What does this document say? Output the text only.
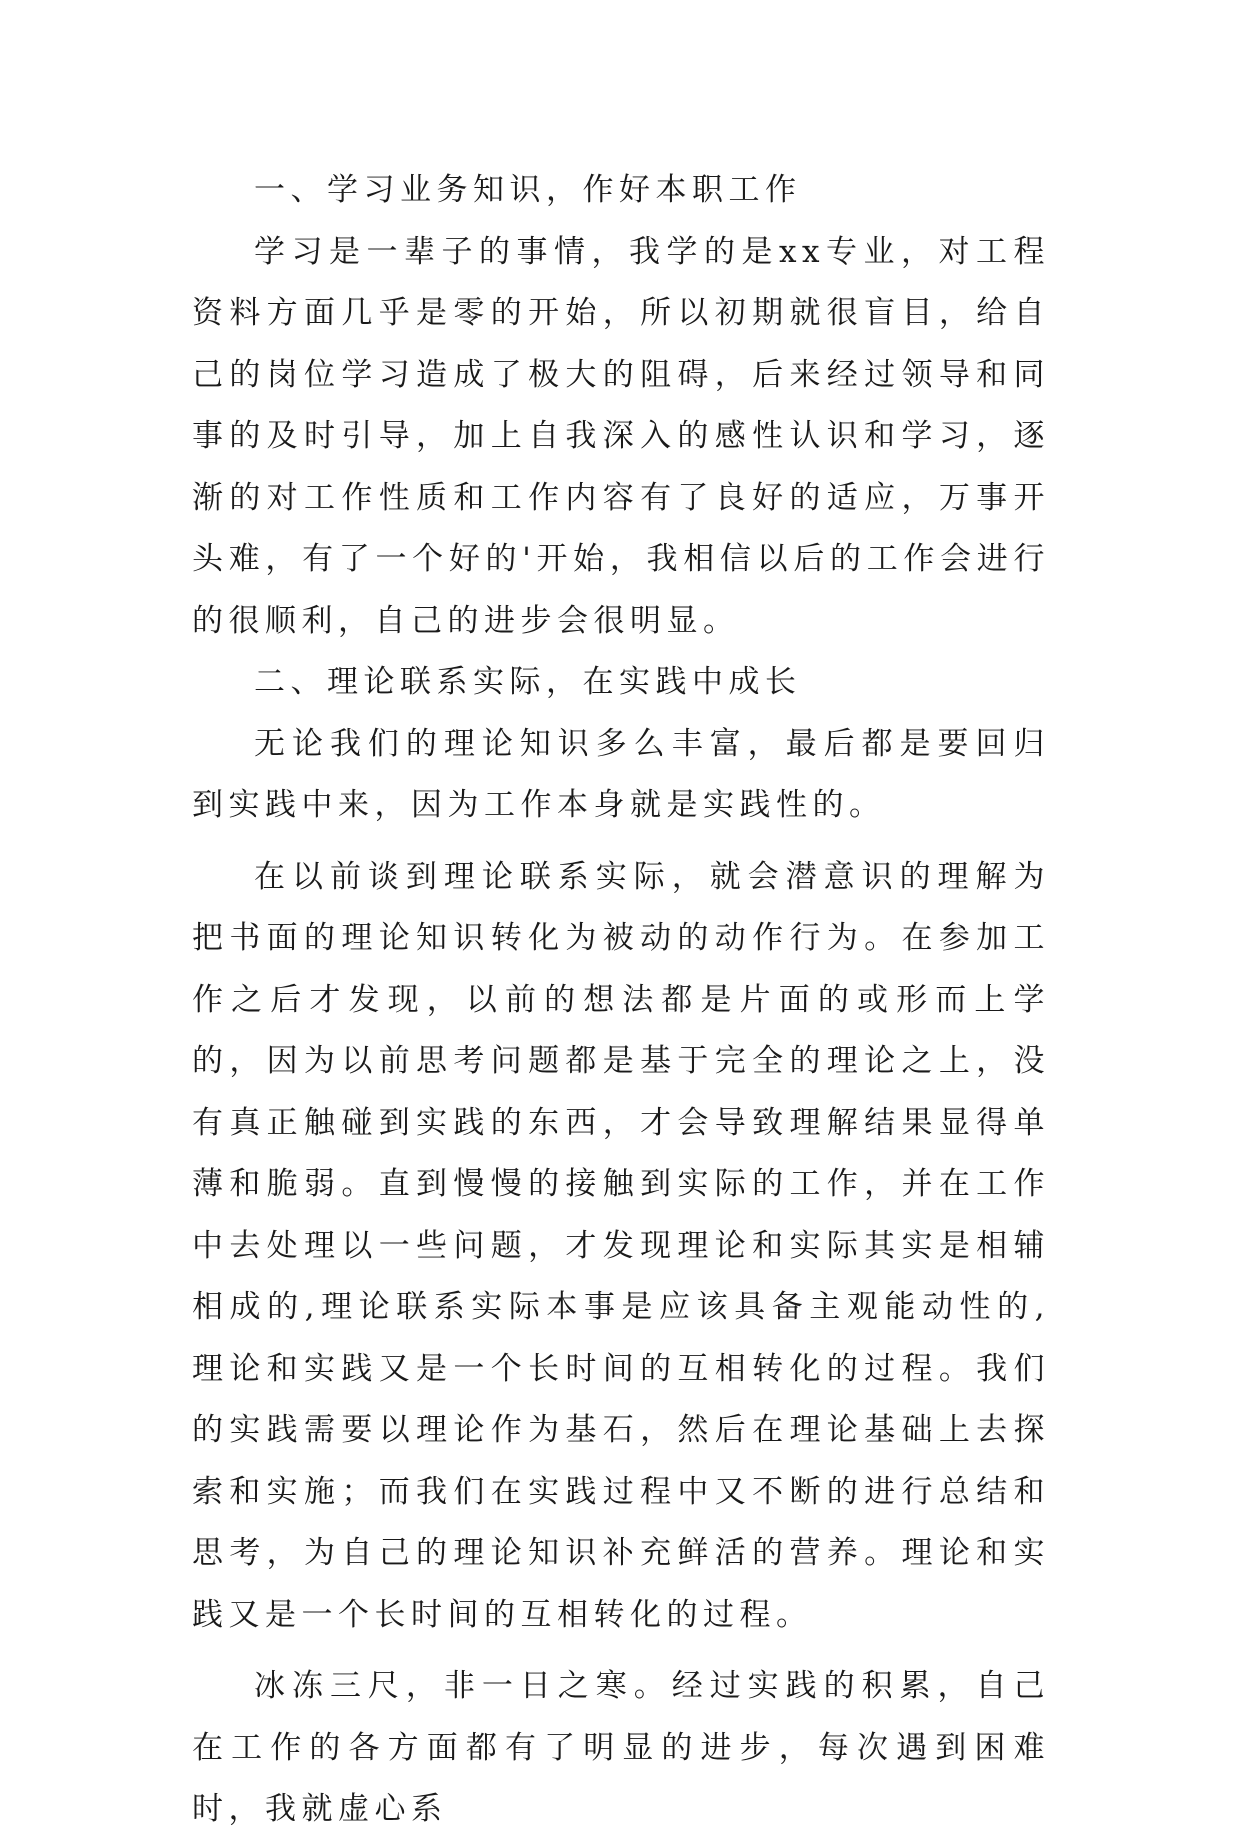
一、学习业务知识，作好本职工作

学习是一辈子的事情，我学的是xx专业，对工程资料方面几乎是零的开始，所以初期就很盲目，给自己的岗位学习造成了极大的阻碍，后来经过领导和同事的及时引导，加上自我深入的感性认识和学习，逐渐的对工作性质和工作内容有了良好的适应，万事开头难，有了一个好的'开始，我相信以后的工作会进行的很顺利，自己的进步会很明显。

二、理论联系实际，在实践中成长

无论我们的理论知识多么丰富，最后都是要回归到实践中来，因为工作本身就是实践性的。

在以前谈到理论联系实际，就会潜意识的理解为把书面的理论知识转化为被动的动作行为。在参加工作之后才发现，以前的想法都是片面的或形而上学的，因为以前思考问题都是基于完全的理论之上，没有真正触碰到实践的东西，才会导致理解结果显得单薄和脆弱。直到慢慢的接触到实际的工作，并在工作中去处理以一些问题，才发现理论和实际其实是相辅相成的,理论联系实际本事是应该具备主观能动性的,理论和实践又是一个长时间的互相转化的过程。我们的实践需要以理论作为基石，然后在理论基础上去探索和实施；而我们在实践过程中又不断的进行总结和思考，为自己的理论知识补充鲜活的营养。理论和实践又是一个长时间的互相转化的过程。

冰冻三尺，非一日之寒。经过实践的积累，自己在工作的各方面都有了明显的进步，每次遇到困难时，我就虚心系
